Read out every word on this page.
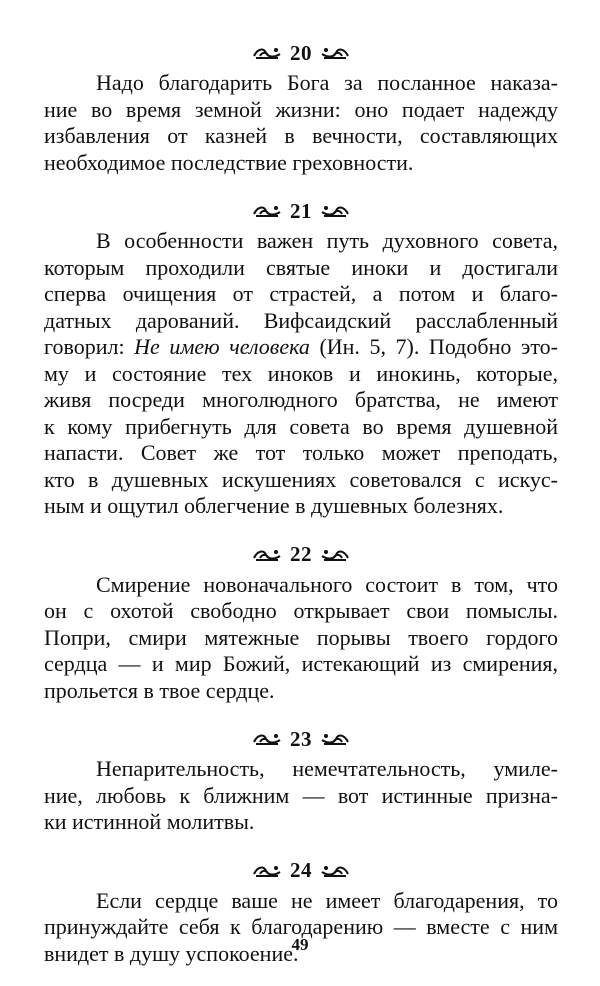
20
Надо благодарить Бога за посланное наказа-
ние во время земной жизни: оно подает надежду
избавления от казней в вечности, составляющих
необходимое последствие греховности.
21
В особенности важен путь духовного совета,
которым проходили святые иноки и достигали
сперва очищения от страстей, а потом и благо-
датных дарований. Вифсаидский расслабленный
говорил: Не имею человека (Ин. 5, 7). Подобно это-
му и состояние тех иноков и инокинь, которые,
живя посреди многолюдного братства, не имеют
к кому прибегнуть для совета во время душевной
напасти. Совет же тот только может преподать,
кто в душевных искушениях советовался с искус-
ным и ощутил облегчение в душевных болезнях.
22
Смирение новоначального состоит в том, что
он с охотой свободно открывает свои помыслы.
Попри, смири мятежные порывы твоего гордого
сердца — и мир Божий, истекающий из смирения,
прольется в твое сердце.
23
Непарительность, немечтательность, умиле-
ние, любовь к ближним — вот истинные призна-
ки истинной молитвы.
24
Если сердце ваше не имеет благодарения, то
принуждайте себя к благодарению — вместе с ним
внидет в душу успокоение.
49
